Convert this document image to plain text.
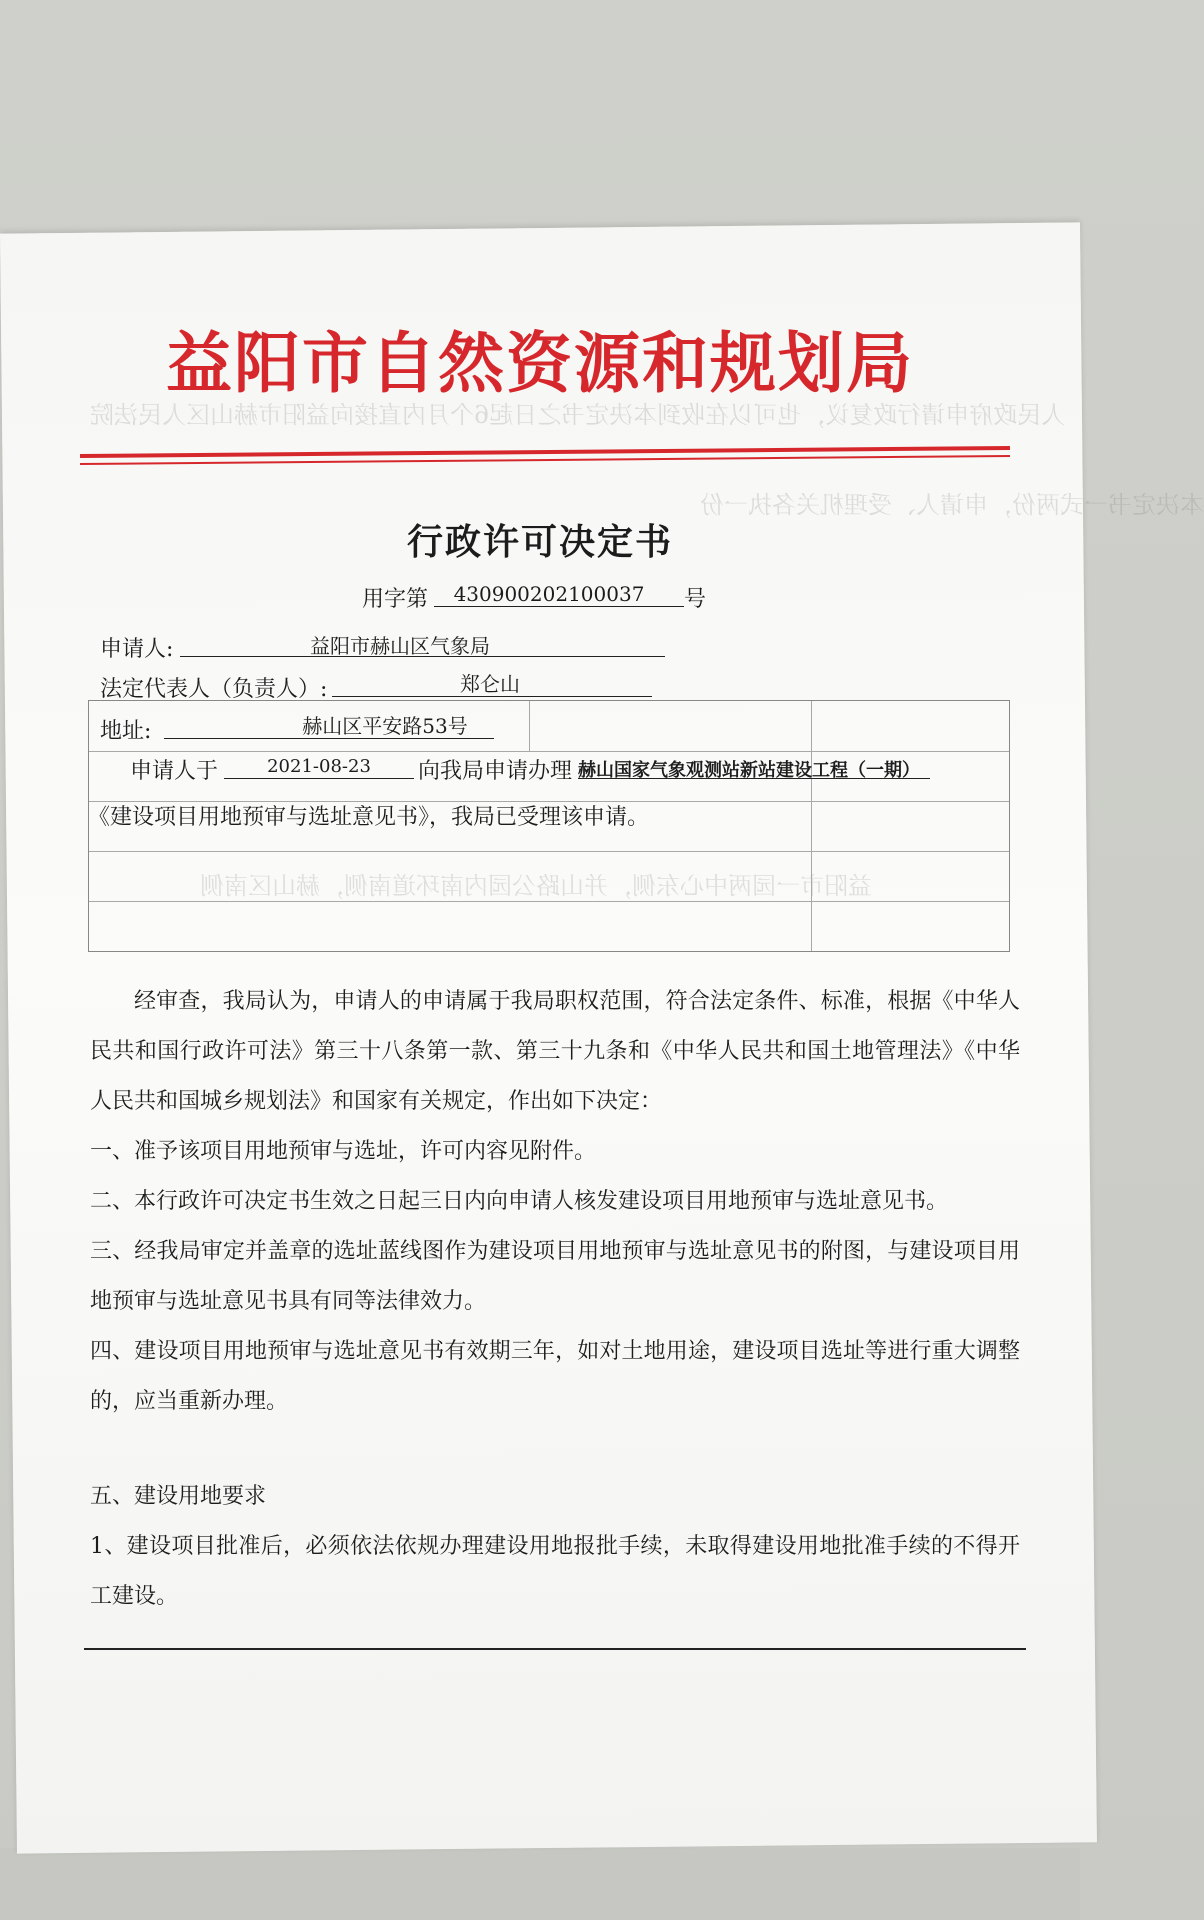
人民政府申请行政复议，也可以在收到本决定书之日起6个月内直接向益阳市赫山区人民法院
本决定书一式两份，申请人、受理机关各执一份
益阳市一园两中心东侧，并山路公园内南环道南侧，赫山区南侧
益阳市自然资源和规划局
行政许可决定书
用字第	430900202100037	号
申请人:	益阳市赫山区气象局
法定代表人（负责人）:	郑仑山
地址:	赫山区平安路53号
申请人于	2021-08-23	向我局申请办理 赫山国家气象观测站新站建设工程（一期）
《建设项目用地预审与选址意见书》，我局已受理该申请。
经审查，我局认为，申请人的申请属于我局职权范围，符合法定条件、标准，根据《中华人民共和国行政许可法》第三十八条第一款、第三十九条和《中华人民共和国土地管理法》《中华人民共和国城乡规划法》和国家有关规定，作出如下决定：
一、准予该项目用地预审与选址，许可内容见附件。
二、本行政许可决定书生效之日起三日内向申请人核发建设项目用地预审与选址意见书。
三、经我局审定并盖章的选址蓝线图作为建设项目用地预审与选址意见书的附图，与建设项目用地预审与选址意见书具有同等法律效力。
四、建设项目用地预审与选址意见书有效期三年，如对土地用途，建设项目选址等进行重大调整的，应当重新办理。
五、建设用地要求
1、建设项目批准后，必须依法依规办理建设用地报批手续，未取得建设用地批准手续的不得开工建设。
